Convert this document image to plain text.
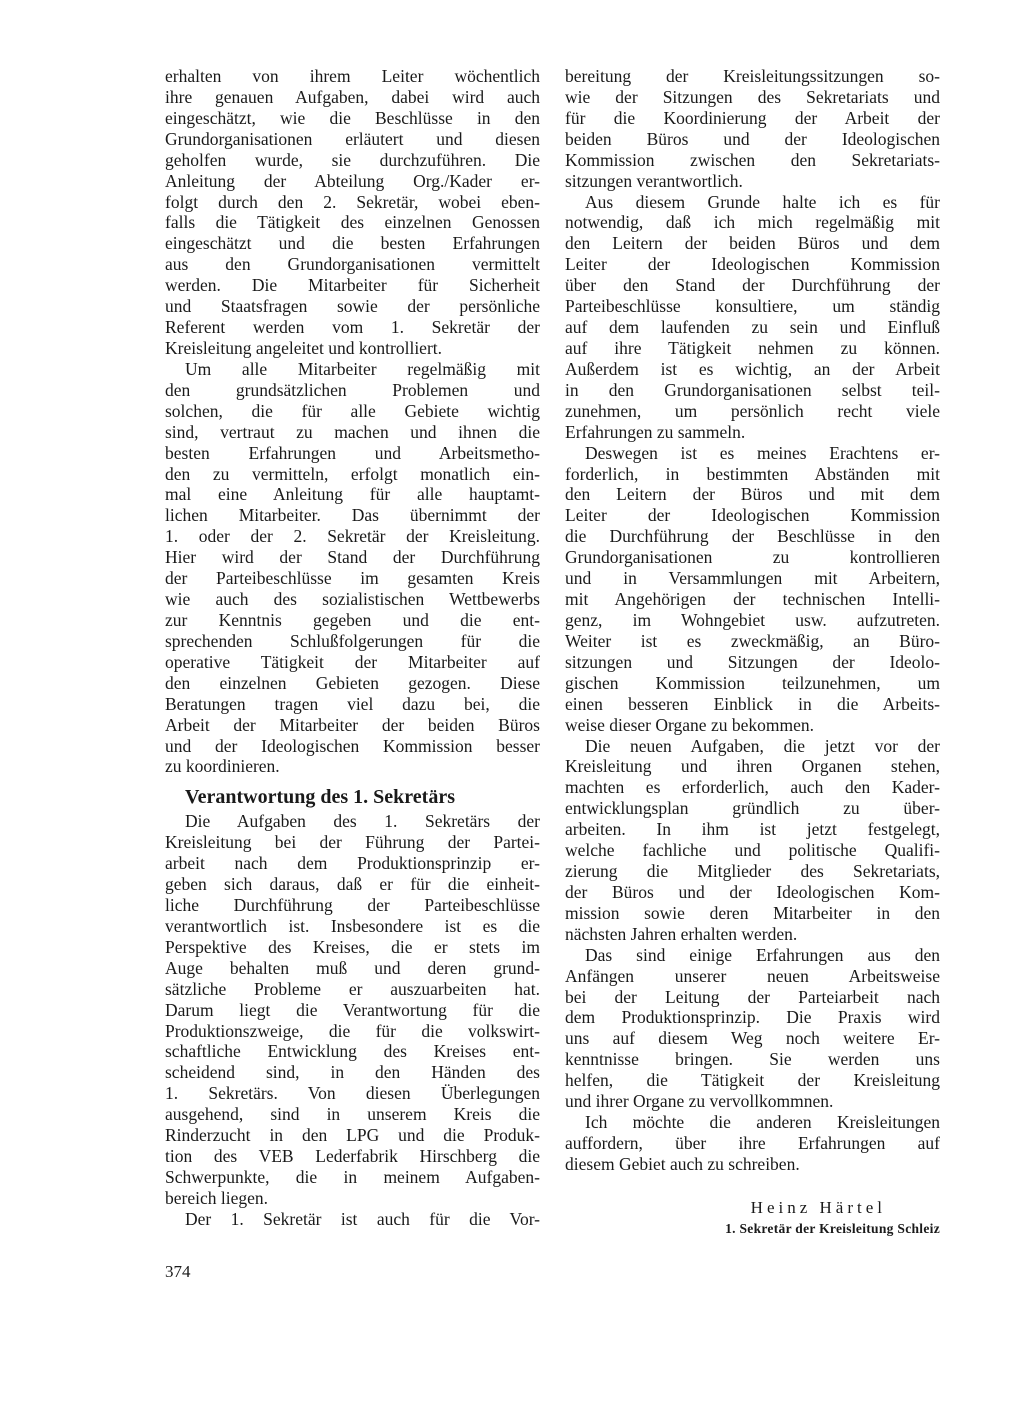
erhalten von ihrem Leiter wöchentlich
ihre genauen Aufgaben, dabei wird auch
eingeschätzt, wie die Beschlüsse in den
Grundorganisationen erläutert und diesen
geholfen wurde, sie durchzuführen. Die
Anleitung der Abteilung Org./Kader er-
folgt durch den 2. Sekretär, wobei eben-
falls die Tätigkeit des einzelnen Genossen
eingeschätzt und die besten Erfahrungen
aus den Grundorganisationen vermittelt
werden. Die Mitarbeiter für Sicherheit
und Staatsfragen sowie der persönliche
Referent werden vom 1. Sekretär der
Kreisleitung angeleitet und kontrolliert.
Um alle Mitarbeiter regelmäßig mit
den grundsätzlichen Problemen und
solchen, die für alle Gebiete wichtig
sind, vertraut zu machen und ihnen die
besten Erfahrungen und Arbeitsmetho-
den zu vermitteln, erfolgt monatlich ein-
mal eine Anleitung für alle hauptamt-
lichen Mitarbeiter. Das übernimmt der
1. oder der 2. Sekretär der Kreisleitung.
Hier wird der Stand der Durchführung
der Parteibeschlüsse im gesamten Kreis
wie auch des sozialistischen Wettbewerbs
zur Kenntnis gegeben und die ent-
sprechenden Schlußfolgerungen für die
operative Tätigkeit der Mitarbeiter auf
den einzelnen Gebieten gezogen. Diese
Beratungen tragen viel dazu bei, die
Arbeit der Mitarbeiter der beiden Büros
und der Ideologischen Kommission besser
zu koordinieren.
Verantwortung des 1. Sekretärs
Die Aufgaben des 1. Sekretärs der
Kreisleitung bei der Führung der Partei-
arbeit nach dem Produktionsprinzip er-
geben sich daraus, daß er für die einheit-
liche Durchführung der Parteibeschlüsse
verantwortlich ist. Insbesondere ist es die
Perspektive des Kreises, die er stets im
Auge behalten muß und deren grund-
sätzliche Probleme er auszuarbeiten hat.
Darum liegt die Verantwortung für die
Produktionszweige, die für die volkswirt-
schaftliche Entwicklung des Kreises ent-
scheidend sind, in den Händen des
1. Sekretärs. Von diesen Überlegungen
ausgehend, sind in unserem Kreis die
Rinderzucht in den LPG und die Produk-
tion des VEB Lederfabrik Hirschberg die
Schwerpunkte, die in meinem Aufgaben-
bereich liegen.
Der 1. Sekretär ist auch für die Vor-
bereitung der Kreisleitungssitzungen so-
wie der Sitzungen des Sekretariats und
für die Koordinierung der Arbeit der
beiden Büros und der Ideologischen
Kommission zwischen den Sekretariats-
sitzungen verantwortlich.
Aus diesem Grunde halte ich es für
notwendig, daß ich mich regelmäßig mit
den Leitern der beiden Büros und dem
Leiter der Ideologischen Kommission
über den Stand der Durchführung der
Parteibeschlüsse konsultiere, um ständig
auf dem laufenden zu sein und Einfluß
auf ihre Tätigkeit nehmen zu können.
Außerdem ist es wichtig, an der Arbeit
in den Grundorganisationen selbst teil-
zunehmen, um persönlich recht viele
Erfahrungen zu sammeln.
Deswegen ist es meines Erachtens er-
forderlich, in bestimmten Abständen mit
den Leitern der Büros und mit dem
Leiter der Ideologischen Kommission
die Durchführung der Beschlüsse in den
Grundorganisationen zu kontrollieren
und in Versammlungen mit Arbeitern,
mit Angehörigen der technischen Intelli-
genz, im Wohngebiet usw. aufzutreten.
Weiter ist es zweckmäßig, an Büro-
sitzungen und Sitzungen der Ideolo-
gischen Kommission teilzunehmen, um
einen besseren Einblick in die Arbeits-
weise dieser Organe zu bekommen.
Die neuen Aufgaben, die jetzt vor der
Kreisleitung und ihren Organen stehen,
machten es erforderlich, auch den Kader-
entwicklungsplan gründlich zu über-
arbeiten. In ihm ist jetzt festgelegt,
welche fachliche und politische Qualifi-
zierung die Mitglieder des Sekretariats,
der Büros und der Ideologischen Kom-
mission sowie deren Mitarbeiter in den
nächsten Jahren erhalten werden.
Das sind einige Erfahrungen aus den
Anfängen unserer neuen Arbeitsweise
bei der Leitung der Parteiarbeit nach
dem Produktionsprinzip. Die Praxis wird
uns auf diesem Weg noch weitere Er-
kenntnisse bringen. Sie werden uns
helfen, die Tätigkeit der Kreisleitung
und ihrer Organe zu vervollkommnen.
Ich möchte die anderen Kreisleitungen
auffordern, über ihre Erfahrungen auf
diesem Gebiet auch zu schreiben.
Heinz Härtel
1. Sekretär der Kreisleitung Schleiz
374
